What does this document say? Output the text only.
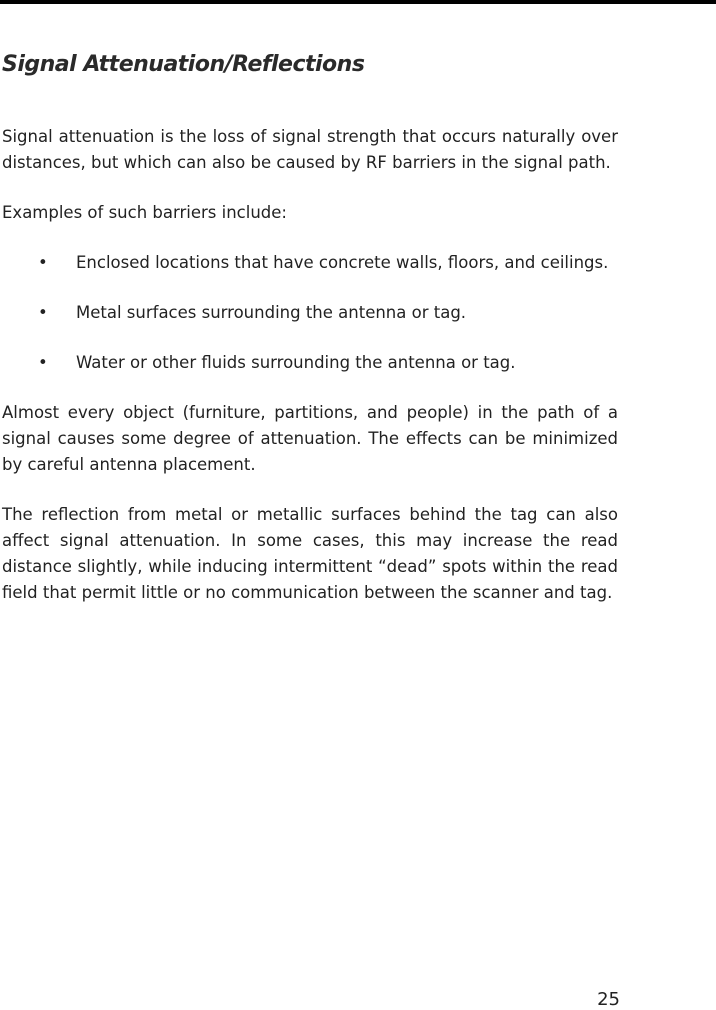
Signal Attenuation/Reflections

Signal attenuation is the loss of signal strength that occurs naturally over distances, but which can also be caused by RF barriers in the signal path.

Examples of such barriers include:

• Enclosed locations that have concrete walls, floors, and ceilings.
• Metal surfaces surrounding the antenna or tag.
• Water or other fluids surrounding the antenna or tag.

Almost every object (furniture, partitions, and people) in the path of a signal causes some degree of attenuation. The effects can be minimized by careful antenna placement.

The reflection from metal or metallic surfaces behind the tag can also affect signal attenuation. In some cases, this may increase the read distance slightly, while inducing intermittent “dead” spots within the read field that permit little or no communication between the scanner and tag.

25
